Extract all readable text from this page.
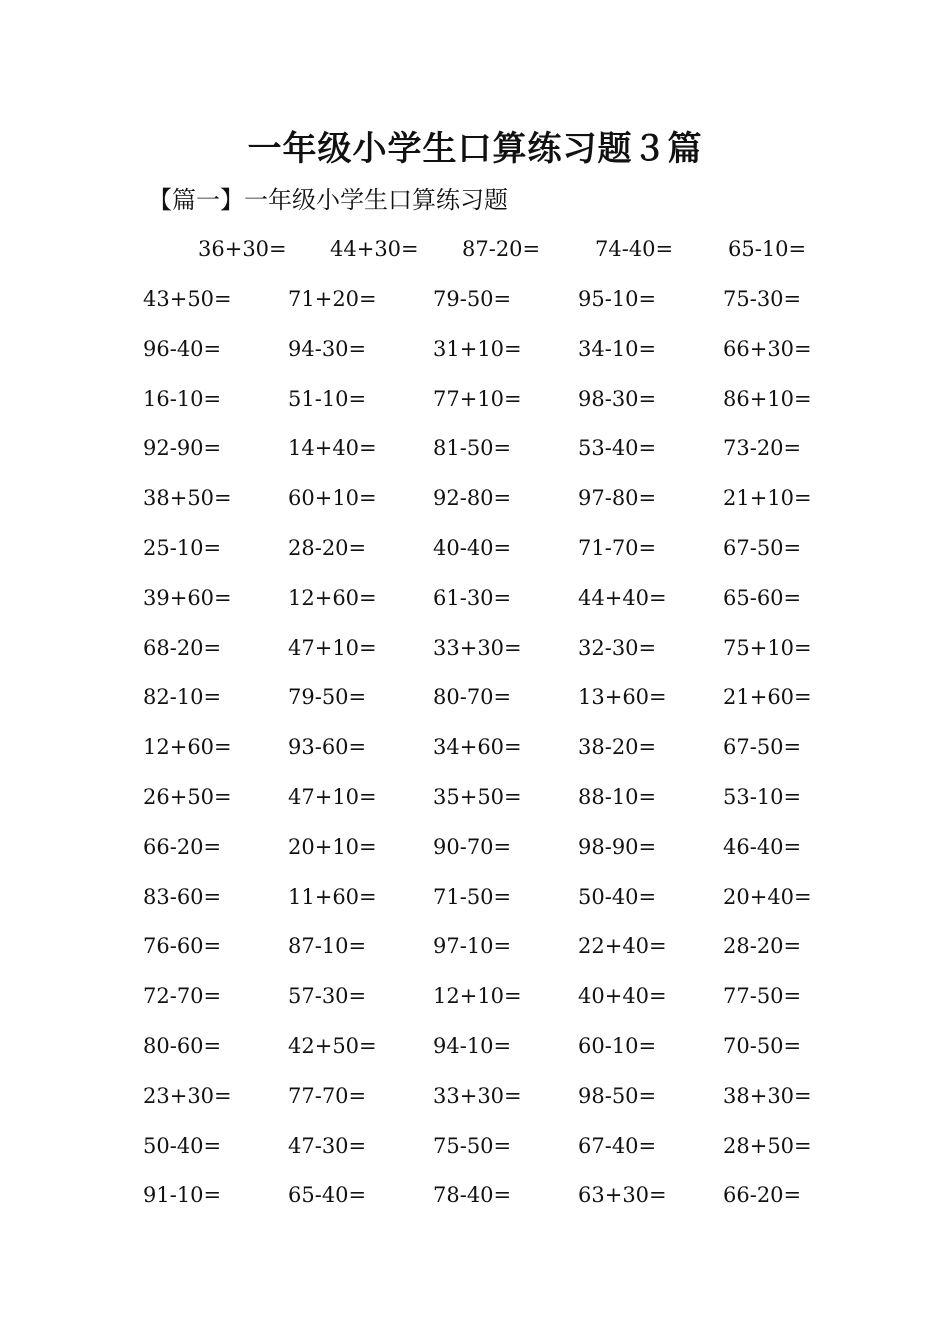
一年级小学生口算练习题３篇
【篇一】一年级小学生口算练习题
36+30= 44+30= 87-20=	74-40=	65-10=
43+50=	71+20=	79-50=	95-10=	75-30=
96-40=	94-30=	31+10=	34-10=	66+30=
16-10=	51-10=	77+10=	98-30=	86+10=
92-90=	14+40=	81-50=	53-40=	73-20=
38+50=	60+10=	92-80=	97-80=	21+10=
25-10=	28-20=	40-40=	71-70=	67-50=
39+60=	12+60=	61-30=	44+40=	65-60=
68-20=	47+10=	33+30=	32-30=	75+10=
82-10=	79-50=	80-70=	13+60=	21+60=
12+60=	93-60=	34+60=	38-20=	67-50=
26+50=	47+10=	35+50=	88-10=	53-10=
66-20=	20+10=	90-70=	98-90=	46-40=
83-60=	11+60=	71-50=	50-40=	20+40=
76-60=	87-10=	97-10=	22+40=	28-20=
72-70=	57-30=	12+10=	40+40=	77-50=
80-60=	42+50=	94-10=	60-10=	70-50=
23+30=	77-70=	33+30=	98-50=	38+30=
50-40=	47-30=	75-50=	67-40=	28+50=
91-10=	65-40=	78-40=	63+30=	66-20=
